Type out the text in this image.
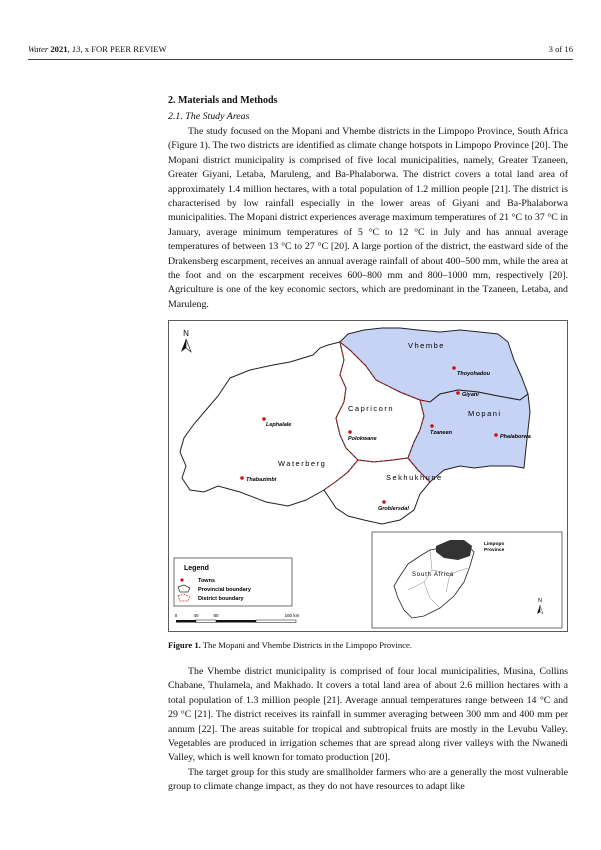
Water 2021, 13, x FOR PEER REVIEW	3 of 16
2. Materials and Methods
2.1. The Study Areas

The study focused on the Mopani and Vhembe districts in the Limpopo Province, South Africa (Figure 1). The two districts are identified as climate change hotspots in Limpopo Province [20]. The Mopani district municipality is comprised of five local municipalities, namely, Greater Tzaneen, Greater Giyani, Letaba, Maruleng, and Ba-Phalaborwa. The district covers a total land area of approximately 1.4 million hectares, with a total population of 1.2 million people [21]. The district is characterised by low rainfall especially in the lower areas of Giyani and Ba-Phalaborwa municipalities. The Mopani district experiences average maximum temperatures of 21 °C to 37 °C in January, average minimum temperatures of 5 °C to 12 °C in July and has annual average temperatures of between 13 °C to 27 °C [20]. A large portion of the district, the eastward side of the Drakensberg escarpment, receives an annual average rainfall of about 400–500 mm, while the area at the foot and on the escarpment receives 600–800 mm and 800–1000 mm, respectively [20]. Agriculture is one of the key economic sectors, which are predominant in the Tzaneen, Letaba, and Maruleng.

N
Vhembe
Capricorn
Mopani
Waterberg
Sekhukhune
Thoyohadou
Giyani
Tzaneen
Phalaborwa
Lephalale
Polokwane
Thabazimbi
Groblersdal
Legend
Towns
Provincial boundary
District boundary
0	40	80	160 km
Limpopo
Province
South Africa
N
Figure 1. The Mopani and Vhembe Districts in the Limpopo Province.

The Vhembe district municipality is comprised of four local municipalities, Musina, Collins Chabane, Thulamela, and Makhado. It covers a total land area of about 2.6 million hectares with a total population of 1.3 million people [21]. Average annual temperatures range between 14 °C and 29 °C [21]. The district receives its rainfall in summer averaging between 300 mm and 400 mm per annum [22]. The areas suitable for tropical and subtropical fruits are mostly in the Levubu Valley. Vegetables are produced in irrigation schemes that are spread along river valleys with the Nwanedi Valley, which is well known for tomato production [20].

The target group for this study are smallholder farmers who are a generally the most vulnerable group to climate change impact, as they do not have resources to adapt like
